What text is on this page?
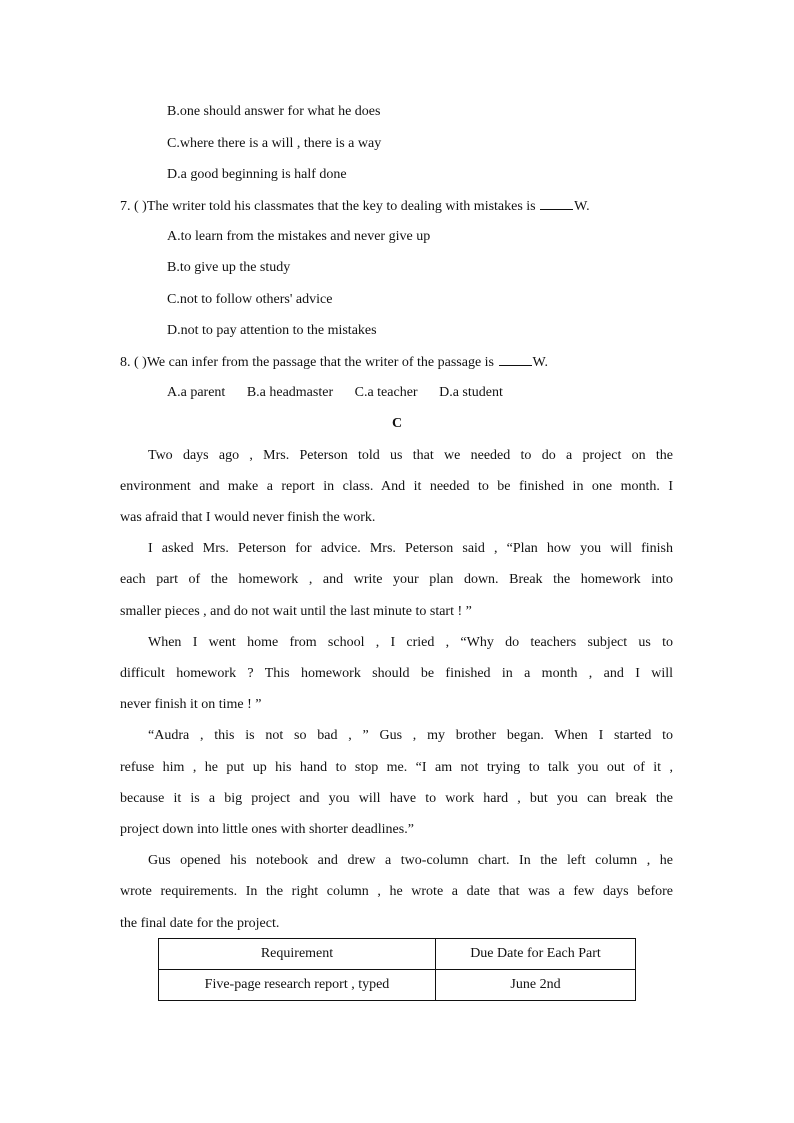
B.one should answer for what he does
C.where there is a will , there is a way
D.a good beginning is half done
7. ( )The writer told his classmates that the key to dealing with mistakes is	W.
A.to learn from the mistakes and never give up
B.to give up the study
C.not to follow others' advice
D.not to pay attention to the mistakes
8. ( )We can infer from the passage that the writer of the passage is	W.
A.a parent B.a headmaster C.a teacher D.a student
C
Two days ago , Mrs. Peterson told us that we needed to do a project on the
environment and make a report in class. And it needed to be finished in one month. I
was afraid that I would never finish the work.
I asked Mrs. Peterson for advice. Mrs. Peterson said , “Plan how you will finish
each part of the homework , and write your plan down. Break the homework into
smaller pieces , and do not wait until the last minute to start ! ”
When I went home from school , I cried , “Why do teachers subject us to
difficult homework ? This homework should be finished in a month , and I will
never finish it on time ! ”
“Audra , this is not so bad , ” Gus , my brother began. When I started to
refuse him , he put up his hand to stop me. “I am not trying to talk you out of it ,
because it is a big project and you will have to work hard , but you can break the
project down into little ones with shorter deadlines.”
Gus opened his notebook and drew a two-column chart. In the left column , he
wrote requirements. In the right column , he wrote a date that was a few days before
the final date for the project.
Requirement	Due Date for Each Part
Five-page research report , typed	June 2nd
